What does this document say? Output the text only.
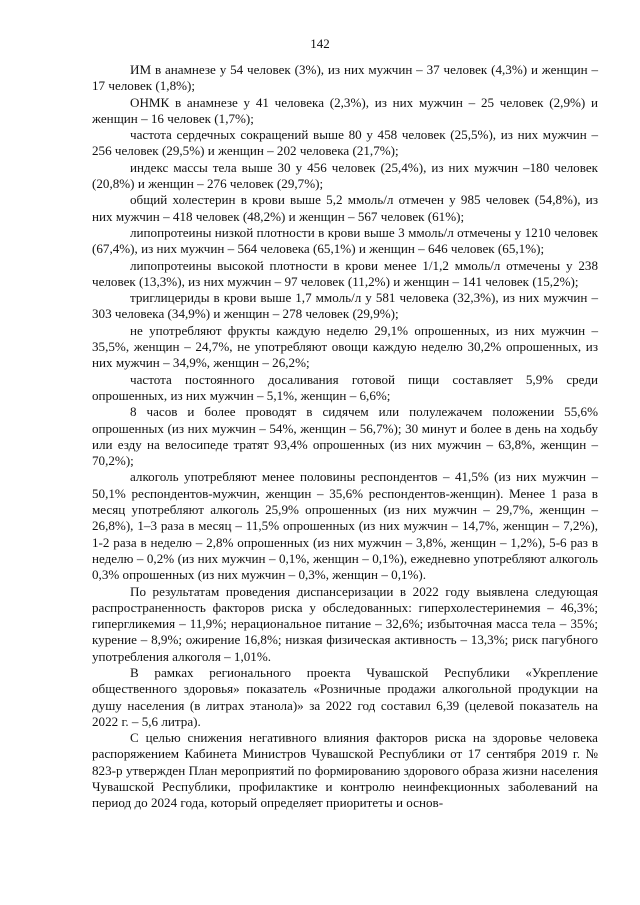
142

ИМ в анамнезе у 54 человек (3%), из них мужчин – 37 человек (4,3%) и женщин – 17 человек (1,8%);

ОНМК в анамнезе у 41 человека (2,3%), из них мужчин – 25 человек (2,9%) и женщин – 16 человек (1,7%);

частота сердечных сокращений выше 80 у 458 человек (25,5%), из них мужчин – 256 человек (29,5%) и женщин – 202 человека (21,7%);

индекс массы тела выше 30 у 456 человек (25,4%), из них мужчин –180 человек (20,8%) и женщин – 276 человек (29,7%);

общий холестерин в крови выше 5,2 ммоль/л отмечен у 985 человек (54,8%), из них мужчин – 418 человек (48,2%) и женщин – 567 человек (61%);

липопротеины низкой плотности в крови выше 3 ммоль/л отмечены у 1210 человек (67,4%), из них мужчин – 564 человека (65,1%) и женщин – 646 человек (65,1%);

липопротеины высокой плотности в крови менее 1/1,2 ммоль/л отмечены у 238 человек (13,3%), из них мужчин – 97 человек (11,2%) и женщин – 141 человек (15,2%);

триглицериды в крови выше 1,7 ммоль/л у 581 человека (32,3%), из них мужчин – 303 человека (34,9%) и женщин – 278 человек (29,9%);

не употребляют фрукты каждую неделю 29,1% опрошенных, из них мужчин – 35,5%, женщин – 24,7%, не употребляют овощи каждую неделю 30,2% опрошенных, из них мужчин – 34,9%, женщин – 26,2%;

частота постоянного досаливания готовой пищи составляет 5,9% среди опрошенных, из них мужчин – 5,1%, женщин – 6,6%;

8 часов и более проводят в сидячем или полулежачем положении 55,6% опрошенных (из них мужчин – 54%, женщин – 56,7%); 30 минут и более в день на ходьбу или езду на велосипеде тратят 93,4% опрошенных (из них мужчин – 63,8%, женщин – 70,2%);

алкоголь употребляют менее половины респондентов – 41,5% (из них мужчин – 50,1% респондентов-мужчин, женщин – 35,6% респондентов-женщин). Менее 1 раза в месяц употребляют алкоголь 25,9% опрошенных (из них мужчин – 29,7%, женщин – 26,8%), 1–3 раза в месяц – 11,5% опрошенных (из них мужчин – 14,7%, женщин – 7,2%), 1-2 раза в неделю – 2,8% опрошенных (из них мужчин – 3,8%, женщин – 1,2%), 5-6 раз в неделю – 0,2% (из них мужчин – 0,1%, женщин – 0,1%), ежедневно употребляют алкоголь 0,3% опрошенных (из них мужчин – 0,3%, женщин – 0,1%).

По результатам проведения диспансеризации в 2022 году выявлена следующая распространенность факторов риска у обследованных: гиперхолестеринемия – 46,3%; гипергликемия – 11,9%; нерациональное питание – 32,6%; избыточная масса тела – 35%; курение – 8,9%; ожирение 16,8%; низкая физическая активность – 13,3%; риск пагубного употребления алкоголя – 1,01%.

В рамках регионального проекта Чувашской Республики «Укрепление общественного здоровья» показатель «Розничные продажи алкогольной продукции на душу населения (в литрах этанола)» за 2022 год составил 6,39 (целевой показатель на 2022 г. – 5,6 литра).

С целью снижения негативного влияния факторов риска на здоровье человека распоряжением Кабинета Министров Чувашской Республики от 17 сентября 2019 г. № 823-р утвержден План мероприятий по формированию здорового образа жизни населения Чувашской Республики, профилактике и контролю неинфекционных заболеваний на период до 2024 года, который определяет приоритеты и основ-
